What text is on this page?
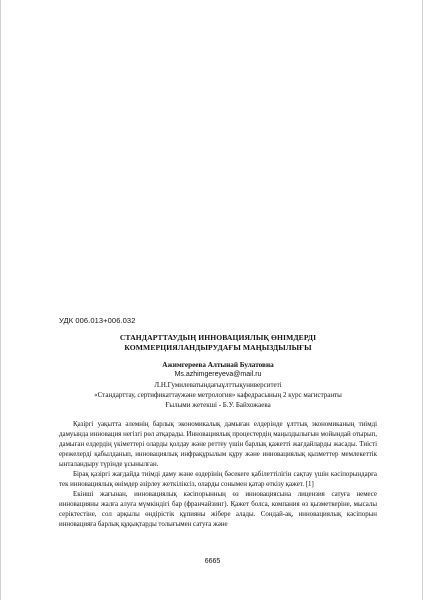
УДК 006.013+006.032
СТАНДАРТТАУДЫҢ ИННОВАЦИЯЛЫҚ ӨНІМДЕРДІ
КОММЕРЦИЯЛАНДЫРУДАҒЫ МАҢЫЗДЫЛЫҒЫ
Ажимгереева Алтынай Булатовна
Ms.azhimgereyeva@mail.ru
Л.Н.Гумилеватындағыұлттықуниверситеті
«Стандарттау, сертификаттаужәне метрология» кафедрасының 2 курс магистранты
Ғылыми жетекші - Б.У. Байхожаева

Қазіргі уақытта әлемнің барлық экономикалық дамыған елдерінде ұлттық экономиканың тиімді дамуында инновация негізгі рөл атқарады. Инновациялық процестердің маңыздылығын мойындай отырып, дамыған елдердің үкіметтері оларды қолдау және реттеу үшін барлық қажетті жағдайларды жасады. Тиісті ережелерді қабылданып, инновациялық инфрақұрылым құру және инновациялық қызметтер мемлекеттік ынталандыру түрінде ұсынылған.

Бірақ қазіргі жағдайда тиімді даму және өздерінің бәсекеге қабілеттілігін сақтау үшін кәсіпорындарға тек инновациялық өнімдер әзірлеу жеткіліксіз, оларды сонымен қатар өткізу қажет. [1]

Екінші жағынан, инновациялық кәсіпорынның өз инновациясына лицензия сатуға немесе инновацияны жалға алуға мүмкіндігі бар (франчайзинг). Қажет болса, компания өз қызметкеріне, мысалы серіктестіне, сол арқылы өндірістік құпияны жібере алады. Сондай-ақ, инновациялық кәсіпорын инновацияға барлық құқықтарды толығымен сатуға және

6665
